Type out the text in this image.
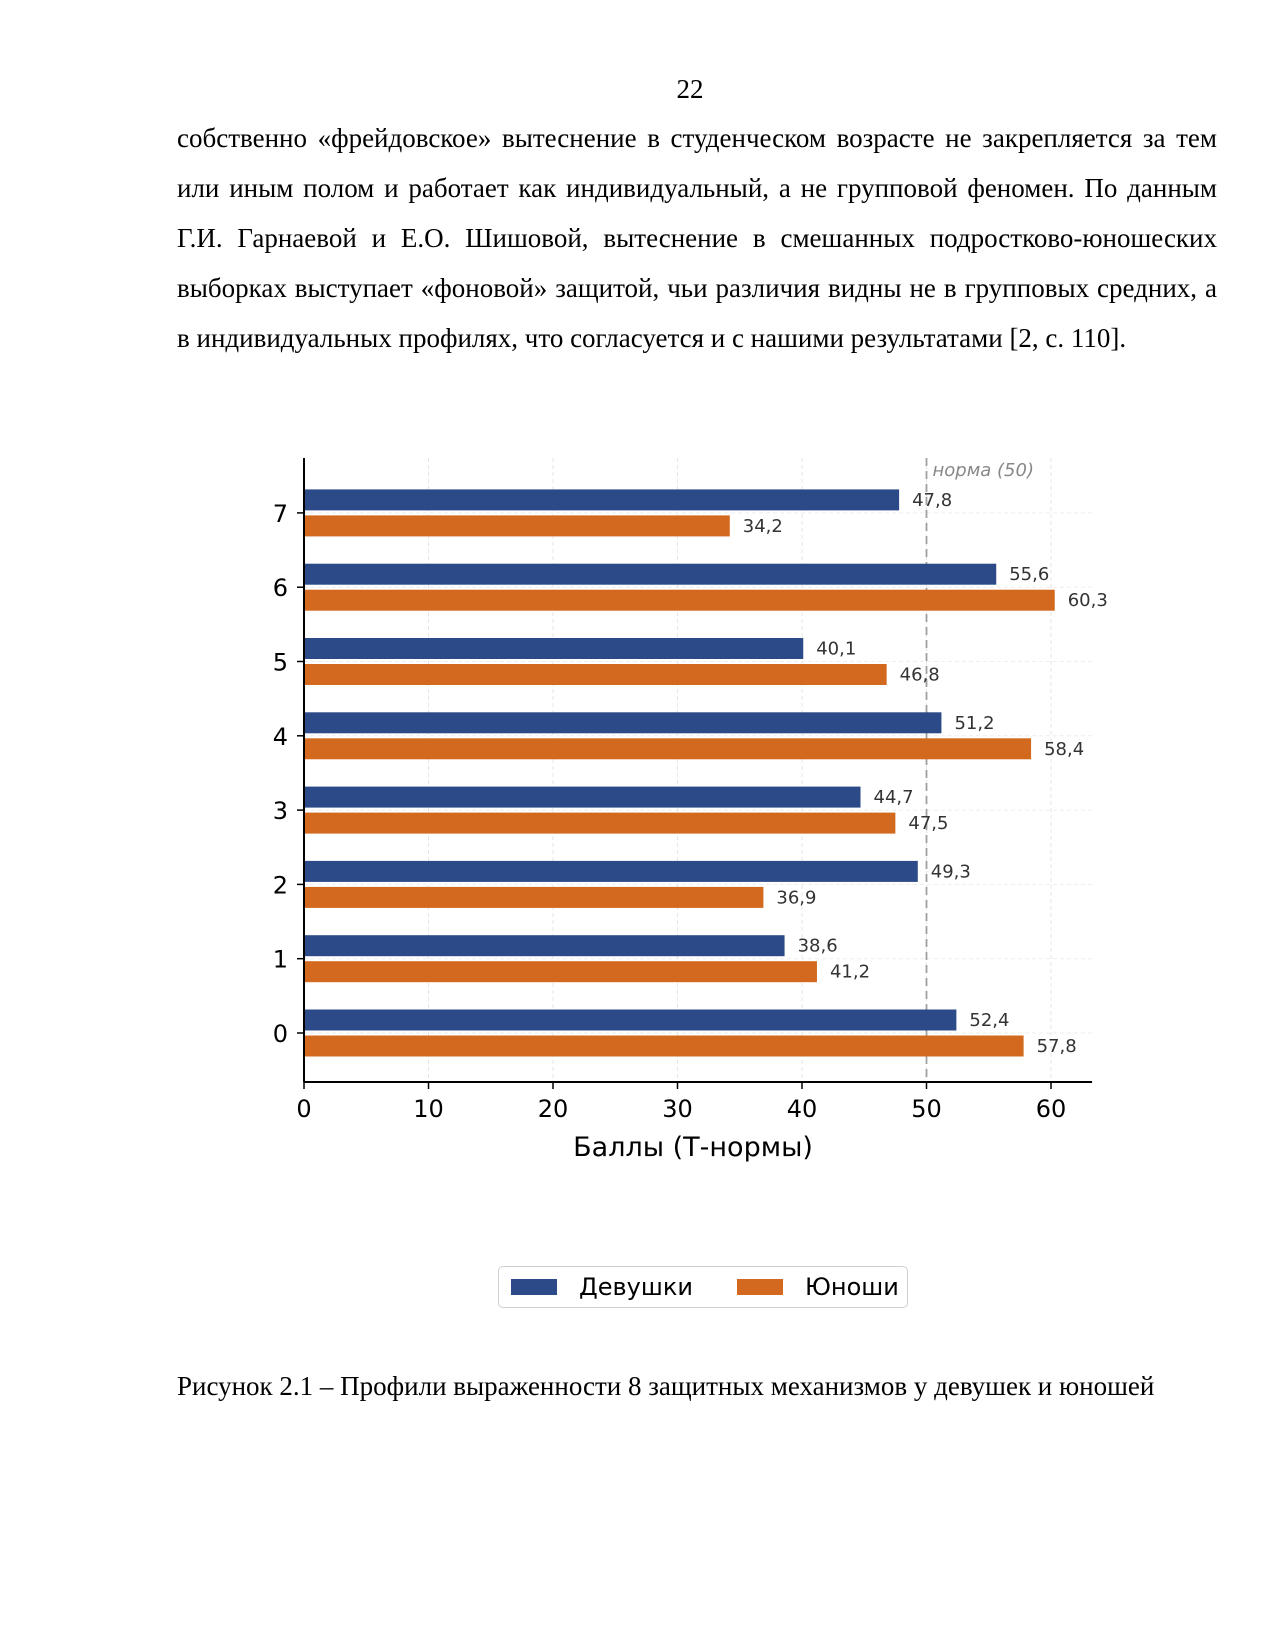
22

собственно «фрейдовское» вытеснение в студенческом возрасте не закрепляется за тем или иным полом и работает как индивидуальный, а не групповой феномен. По данным Г.И. Гарнаевой и Е.О. Шишовой, вытеснение в смешанных подростково-юношеских выборках выступает «фоновой» защитой, чьи различия видны не в групповых средних, а в индивидуальных профилях, что согласуется и с нашими результатами [2, с. 110].

норма (50)
52,4
57,8
38,6
41,2
49,3
36,9
44,7
47,5
51,2
58,4
40,1
46,8
55,6
60,3
47,8
34,2
0	10	20	30	40	50	60
0
1
2
3
4
5
6
7
Баллы (Т-нормы)
Девушки	Юноши

Рисунок 2.1 – Профили выраженности 8 защитных механизмов у девушек и юношей
